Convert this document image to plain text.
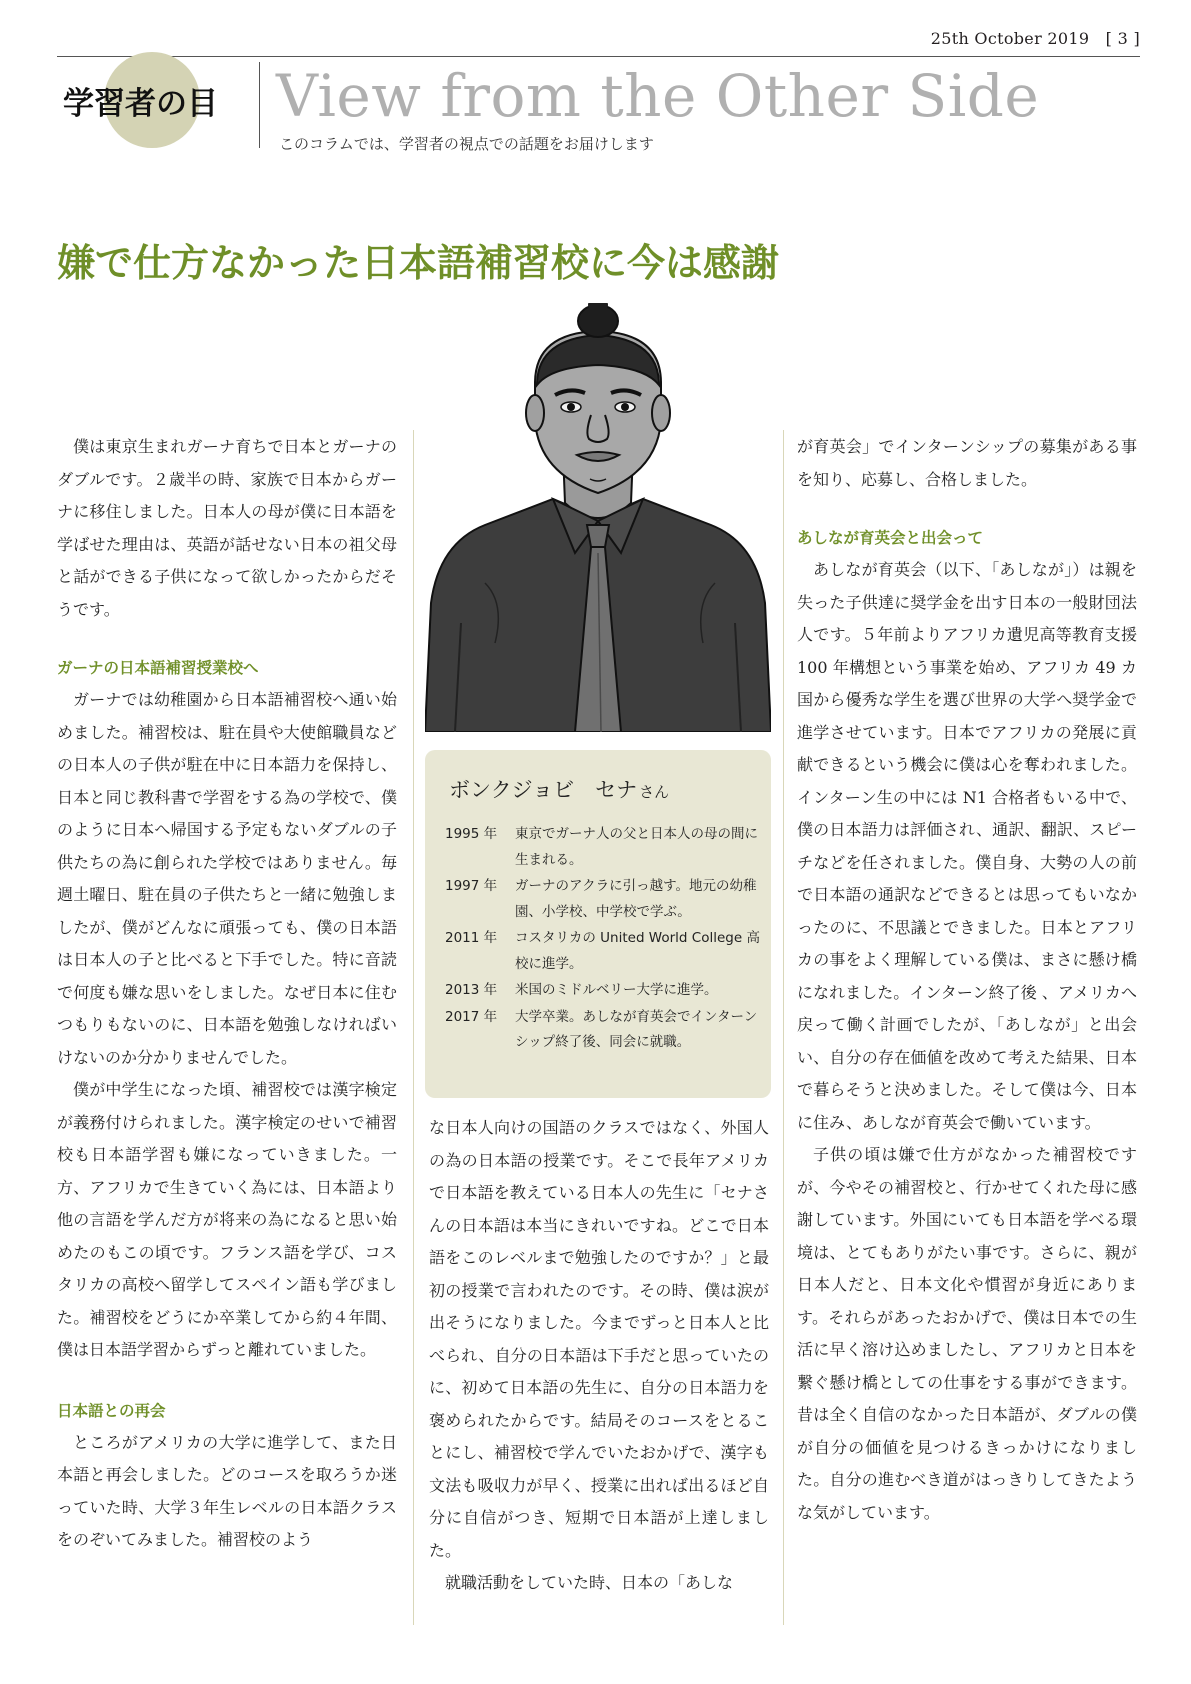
25th October 2019　 [ 3 ]
学習者の目 View from the Other Side
このコラムでは、学習者の視点での話題をお届けします
嫌で仕方なかった日本語補習校に今は感謝

僕は東京生まれガーナ育ちで日本とガーナのダブルです。２歳半の時、家族で日本からガーナに移住しました。日本人の母が僕に日本語を学ばせた理由は、英語が話せない日本の祖父母と話ができる子供になって欲しかったからだそうです。

ガーナの日本語補習授業校へ

ガーナでは幼稚園から日本語補習校へ通い始めました。補習校は、駐在員や大使館職員などの日本人の子供が駐在中に日本語力を保持し、日本と同じ教科書で学習をする為の学校で、僕のように日本へ帰国する予定もないダブルの子供たちの為に創られた学校ではありません。毎週土曜日、駐在員の子供たちと一緒に勉強しましたが、僕がどんなに頑張っても、僕の日本語は日本人の子と比べると下手でした。特に音読で何度も嫌な思いをしました。なぜ日本に住むつもりもないのに、日本語を勉強しなければいけないのか分かりませんでした。

僕が中学生になった頃、補習校では漢字検定が義務付けられました。漢字検定のせいで補習校も日本語学習も嫌になっていきました。一方、アフリカで生きていく為には、日本語より他の言語を学んだ方が将来の為になると思い始めたのもこの頃です。フランス語を学び、コスタリカの高校へ留学してスペイン語も学びました。補習校をどうにか卒業してから約４年間、僕は日本語学習からずっと離れていました。

日本語との再会

ところがアメリカの大学に進学して、また日本語と再会しました。どのコースを取ろうか迷っていた時、大学３年生レベルの日本語クラスをのぞいてみました。補習校のよう

ボンクジョビ　セナ さん
1995 年	東京でガーナ人の父と日本人の母の間に生まれる。
1997 年	ガーナのアクラに引っ越す。地元の幼稚園、小学校、中学校で学ぶ。
2011 年	コスタリカの United World College 高校に進学。
2013 年	米国のミドルベリー大学に進学。
2017 年	大学卒業。あしなが育英会でインターンシップ終了後、同会に就職。

な日本人向けの国語のクラスではなく、外国人の為の日本語の授業です。そこで長年アメリカで日本語を教えている日本人の先生に「セナさんの日本語は本当にきれいですね。どこで日本語をこのレベルまで勉強したのですか？」と最初の授業で言われたのです。その時、僕は涙が出そうになりました。今までずっと日本人と比べられ、自分の日本語は下手だと思っていたのに、初めて日本語の先生に、自分の日本語力を褒められたからです。結局そのコースをとることにし、補習校で学んでいたおかげで、漢字も文法も吸収力が早く、授業に出れば出るほど自分に自信がつき、短期で日本語が上達しました。

就職活動をしていた時、日本の「あしな

が育英会」でインターンシップの募集がある事を知り、応募し、合格しました。

あしなが育英会と出会って

あしなが育英会（以下、「あしなが」）は親を失った子供達に奨学金を出す日本の一般財団法人です。５年前よりアフリカ遺児高等教育支援 100 年構想という事業を始め、アフリカ 49 カ国から優秀な学生を選び世界の大学へ奨学金で進学させています。日本でアフリカの発展に貢献できるという機会に僕は心を奪われました。インターン生の中には N1 合格者もいる中で、僕の日本語力は評価され、通訳、翻訳、スピーチなどを任されました。僕自身、大勢の人の前で日本語の通訳などできるとは思ってもいなかったのに、不思議とできました。日本とアフリカの事をよく理解している僕は、まさに懸け橋になれました。インターン終了後 、アメリカへ戻って働く計画でしたが、「あしなが」と出会い、自分の存在価値を改めて考えた結果、日本で暮らそうと決めました。そして僕は今、日本に住み、あしなが育英会で働いています。

子供の頃は嫌で仕方がなかった補習校ですが、今やその補習校と、行かせてくれた母に感謝しています。外国にいても日本語を学べる環境は、とてもありがたい事です。さらに、親が日本人だと、日本文化や慣習が身近にあります。それらがあったおかげで、僕は日本での生活に早く溶け込めましたし、アフリカと日本を繋ぐ懸け橋としての仕事をする事ができます。昔は全く自信のなかった日本語が、ダブルの僕が自分の価値を見つけるきっかけになりました。自分の進むべき道がはっきりしてきたような気がしています。
